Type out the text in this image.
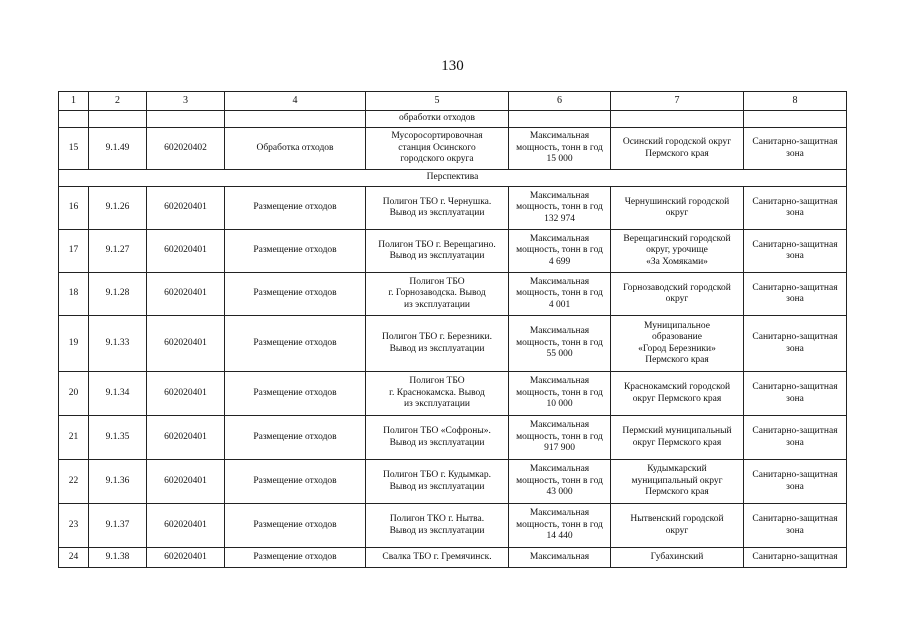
130
1	2	3	4	5	6	7	8
				обработки отходов			
15	9.1.49	602020402	Обработка отходов	Мусоросортировочная
станция Осинского
городского округа	Максимальная
мощность, тонн в год
15 000	Осинский городской округ
Пермского края	Санитарно-защитная
зона
Перспектива							
16	9.1.26	602020401	Размещение отходов	Полигон ТБО г. Чернушка.
Вывод из эксплуатации	Максимальная
мощность, тонн в год
132 974	Чернушинский городской
округ	Санитарно-защитная
зона
17	9.1.27	602020401	Размещение отходов	Полигон ТБО г. Верещагино.
Вывод из эксплуатации	Максимальная
мощность, тонн в год
4 699	Верещагинский городской
округ, урочище
«За Хомяками»	Санитарно-защитная
зона
18	9.1.28	602020401	Размещение отходов	Полигон ТБО
г. Горнозаводска. Вывод
из эксплуатации	Максимальная
мощность, тонн в год
4 001	Горнозаводский городской
округ	Санитарно-защитная
зона
19	9.1.33	602020401	Размещение отходов	Полигон ТБО г. Березники.
Вывод из эксплуатации	Максимальная
мощность, тонн в год
55 000	Муниципальное
образование
«Город Березники»
Пермского края	Санитарно-защитная
зона
20	9.1.34	602020401	Размещение отходов	Полигон ТБО
г. Краснокамска. Вывод
из эксплуатации	Максимальная
мощность, тонн в год
10 000	Краснокамский городской
округ Пермского края	Санитарно-защитная
зона
21	9.1.35	602020401	Размещение отходов	Полигон ТБО «Софроны».
Вывод из эксплуатации	Максимальная
мощность, тонн в год
917 900	Пермский муниципальный
округ Пермского края	Санитарно-защитная
зона
22	9.1.36	602020401	Размещение отходов	Полигон ТБО г. Кудымкар.
Вывод из эксплуатации	Максимальная
мощность, тонн в год
43 000	Кудымкарский
муниципальный округ
Пермского края	Санитарно-защитная
зона
23	9.1.37	602020401	Размещение отходов	Полигон ТКО г. Нытва.
Вывод из эксплуатации	Максимальная
мощность, тонн в год
14 440	Нытвенский городской
округ	Санитарно-защитная
зона
24	9.1.38	602020401	Размещение отходов	Свалка ТБО г. Гремячинск.	Максимальная	Губахинский	Санитарно-защитная
